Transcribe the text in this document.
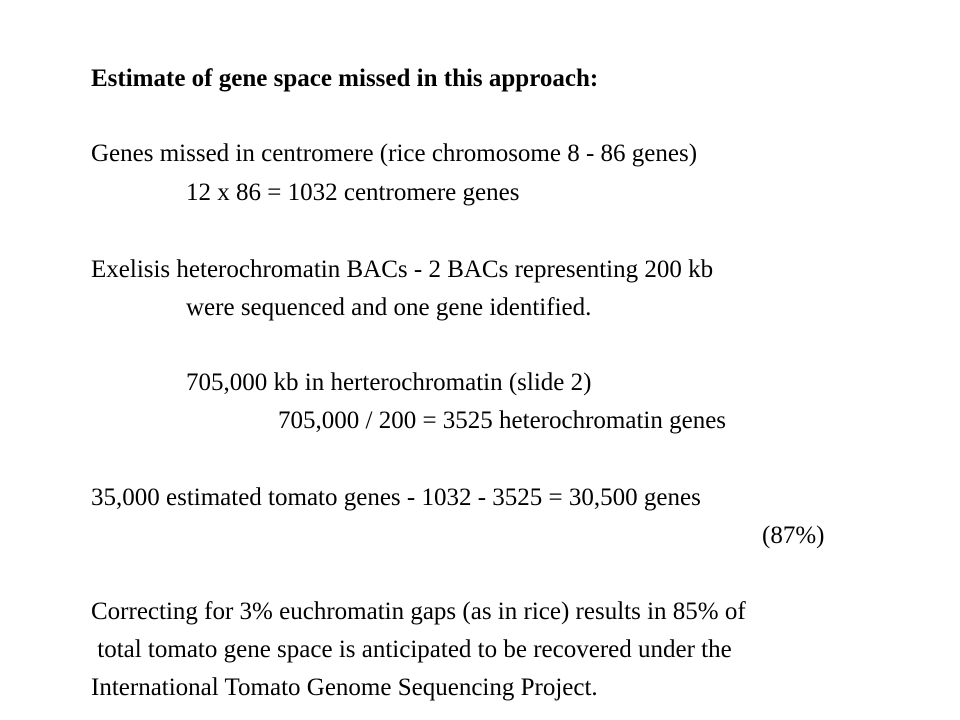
Estimate of gene space missed in this approach:

Genes missed in centromere (rice chromosome 8 - 86 genes)

12 x 86 = 1032 centromere genes

Exelisis heterochromatin BACs - 2 BACs representing 200 kb

were sequenced and one gene identified.

705,000 kb in herterochromatin (slide 2)

705,000 / 200 = 3525 heterochromatin genes

35,000 estimated tomato genes - 1032 - 3525 = 30,500 genes

(87%)

Correcting for 3% euchromatin gaps (as in rice) results in 85% of

total tomato gene space is anticipated to be recovered under the

International Tomato Genome Sequencing Project.
